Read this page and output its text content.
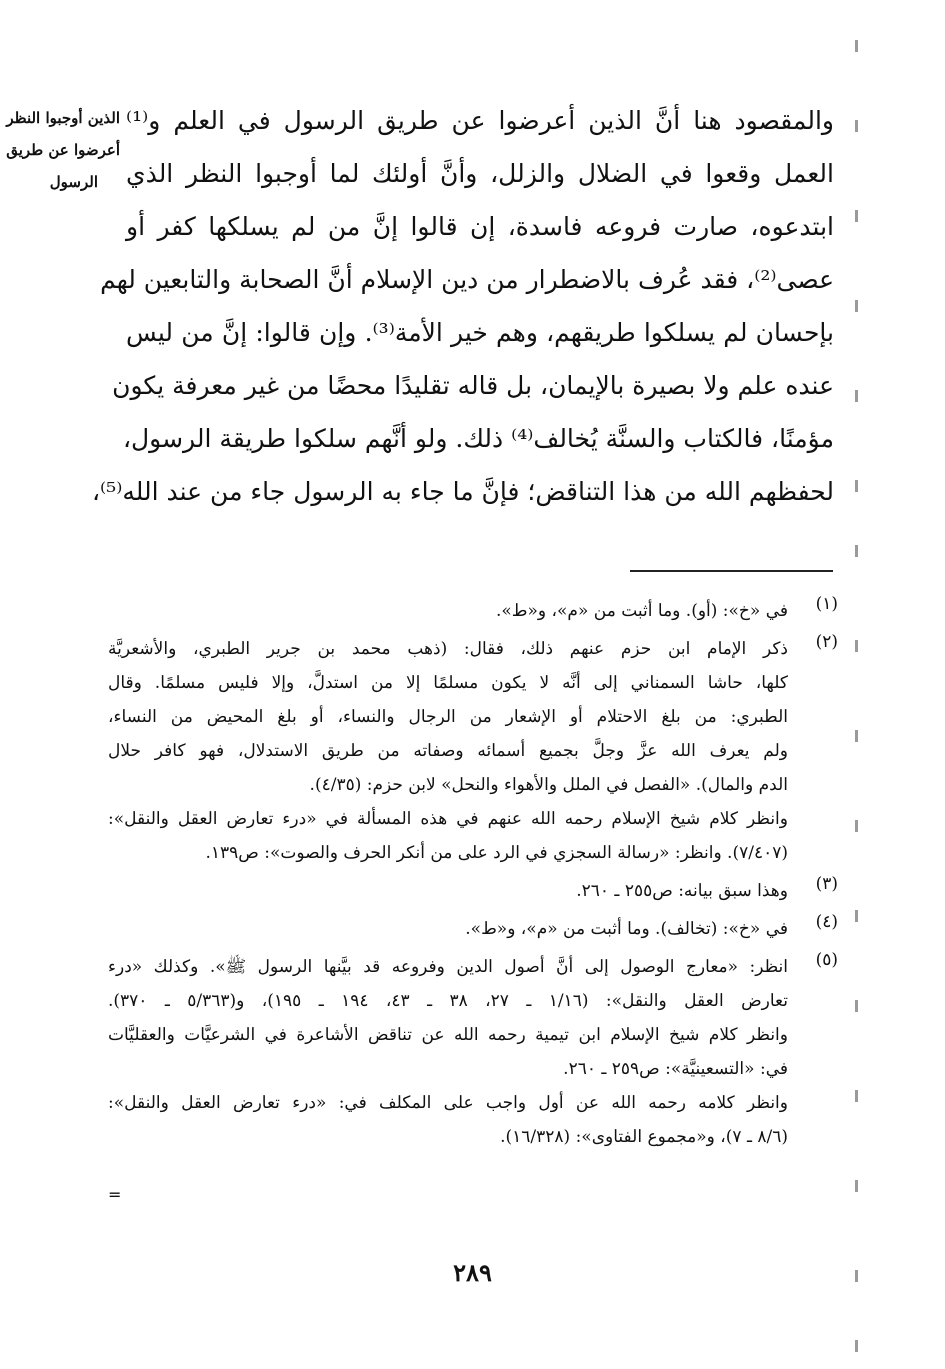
الذين أوجبوا النظر
أعرضوا عن طريق
الرسول
والمقصود هنا أنَّ الذين أعرضوا عن طريق الرسول في العلم و⁽¹⁾
العمل وقعوا في الضلال والزلل، وأنَّ أولئك لما أوجبوا النظر الذي
ابتدعوه، صارت فروعه فاسدة، إن قالوا إنَّ من لم يسلكها كفر أو
عصى⁽²⁾، فقد عُرف بالاضطرار من دين الإسلام أنَّ الصحابة والتابعين لهم
بإحسان لم يسلكوا طريقهم، وهم خير الأمة⁽³⁾. وإن قالوا: إنَّ من ليس
عنده علم ولا بصيرة بالإيمان، بل قاله تقليدًا محضًا من غير معرفة يكون
مؤمنًا، فالكتاب والسنَّة يُخالف⁽⁴⁾ ذلك. ولو أنَّهم سلكوا طريقة الرسول،
لحفظهم الله من هذا التناقض؛ فإنَّ ما جاء به الرسول جاء من عند الله⁽⁵⁾،
(١)
في «خ»: (أو). وما أثبت من «م»، و«ط».
(٢)
ذكر الإمام ابن حزم عنهم ذلك، فقال: (ذهب محمد بن جرير الطبري، والأشعريَّة
كلها، حاشا السمناني إلى أنَّه لا يكون مسلمًا إلا من استدلَّ، وإلا فليس مسلمًا. وقال
الطبري: من بلغ الاحتلام أو الإشعار من الرجال والنساء، أو بلغ المحيض من النساء،
ولم يعرف الله عزَّ وجلَّ بجميع أسمائه وصفاته من طريق الاستدلال، فهو كافر حلال
الدم والمال). «الفصل في الملل والأهواء والنحل» لابن حزم: (٤/٣٥).
وانظر كلام شيخ الإسلام رحمه الله عنهم في هذه المسألة في «درء تعارض العقل والنقل»:
(٧/٤٠٧). وانظر: «رسالة السجزي في الرد على من أنكر الحرف والصوت»: ص١٣٩.
(٣)
وهذا سبق بيانه: ص٢٥٥ ـ ٢٦٠.
(٤)
في «خ»: (تخالف). وما أثبت من «م»، و«ط».
(٥)
انظر: «معارج الوصول إلى أنَّ أصول الدين وفروعه قد بيَّنها الرسول ﷺ». وكذلك «درء
تعارض العقل والنقل»: (١/١٦ ـ ٢٧، ٣٨ ـ ٤٣، ١٩٤ ـ ١٩٥)، و(٥/٣٦٣ ـ ٣٧٠).
وانظر كلام شيخ الإسلام ابن تيمية رحمه الله عن تناقض الأشاعرة في الشرعيَّات والعقليَّات
في: «التسعينيَّة»: ص٢٥٩ ـ ٢٦٠.
وانظر كلامه رحمه الله عن أول واجب على المكلف في: «درء تعارض العقل والنقل»:
(٨/٦ ـ ٧)، و«مجموع الفتاوى»: (١٦/٣٢٨).
=
٢٨٩
